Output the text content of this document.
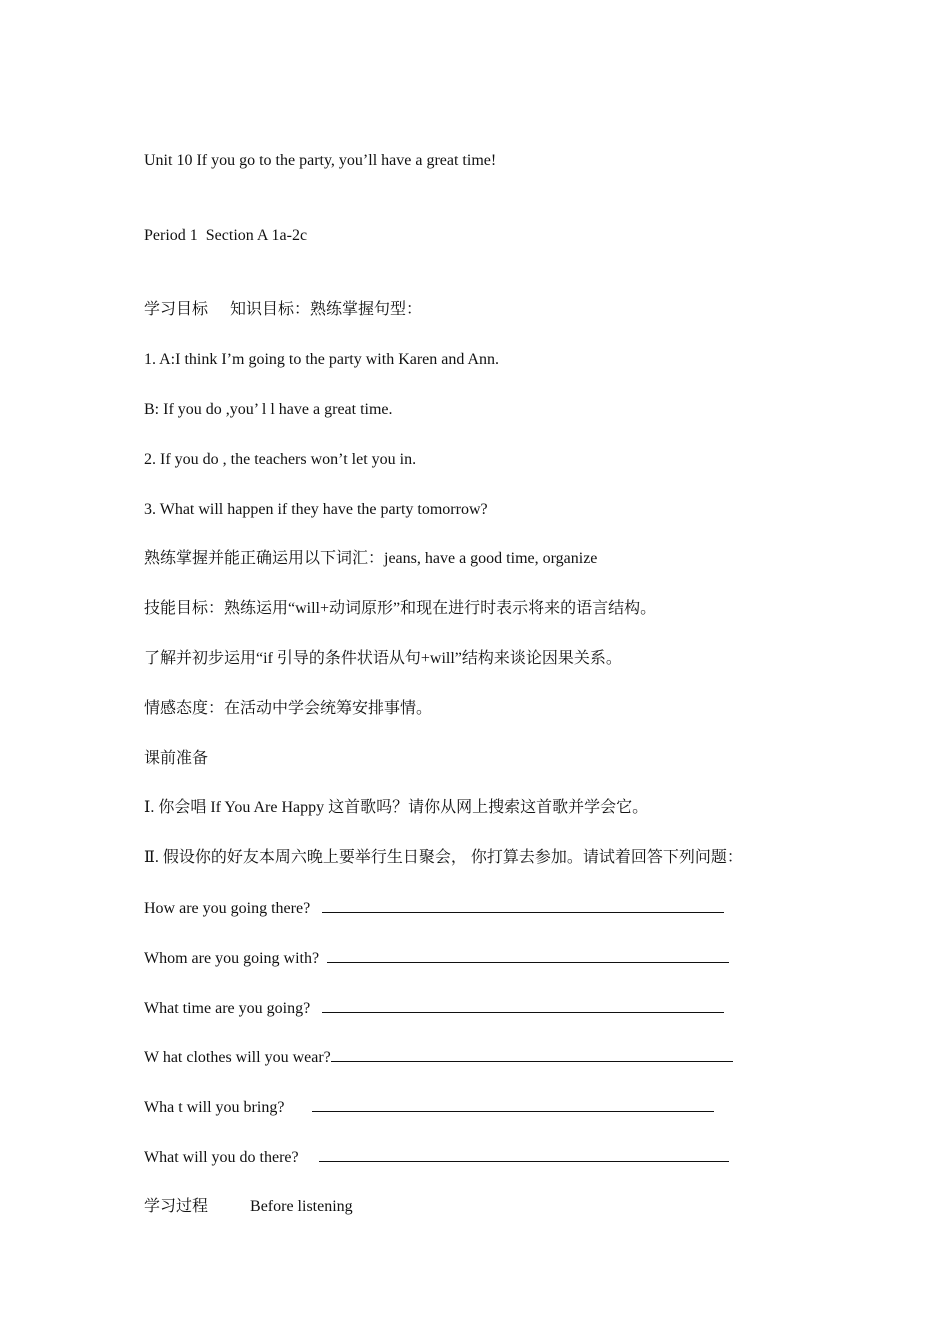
Unit 10 If you go to the party, you’ll have a great time!
Period 1  Section A 1a-2c
学习目标 知识目标：熟练掌握句型：
1. A:I think I’m going to the party with Karen and Ann.
B: If you do ,you’ l l have a great time.
2. If you do , the teachers won’t let you in.
3. What will happen if they have the party tomorrow?
熟练掌握并能正确运用以下词汇：jeans, have a good time, organize
技能目标：熟练运用“will+动词原形”和现在进行时表示将来的语言结构。
了解并初步运用“if 引导的条件状语从句+will”结构来谈论因果关系。
情感态度：在活动中学会统筹安排事情。
课前准备
Ⅰ. 你会唱 If You Are Happy 这首歌吗？请你从网上搜索这首歌并学会它。
Ⅱ. 假设你的好友本周六晚上要举行生日聚会， 你打算去参加。请试着回答下列问题：
How are you going there?
Whom are you going with?
What time are you going?
W hat clothes will you wear?
Wha t will you bring?
What will you do there?
学习过程	Before listening
